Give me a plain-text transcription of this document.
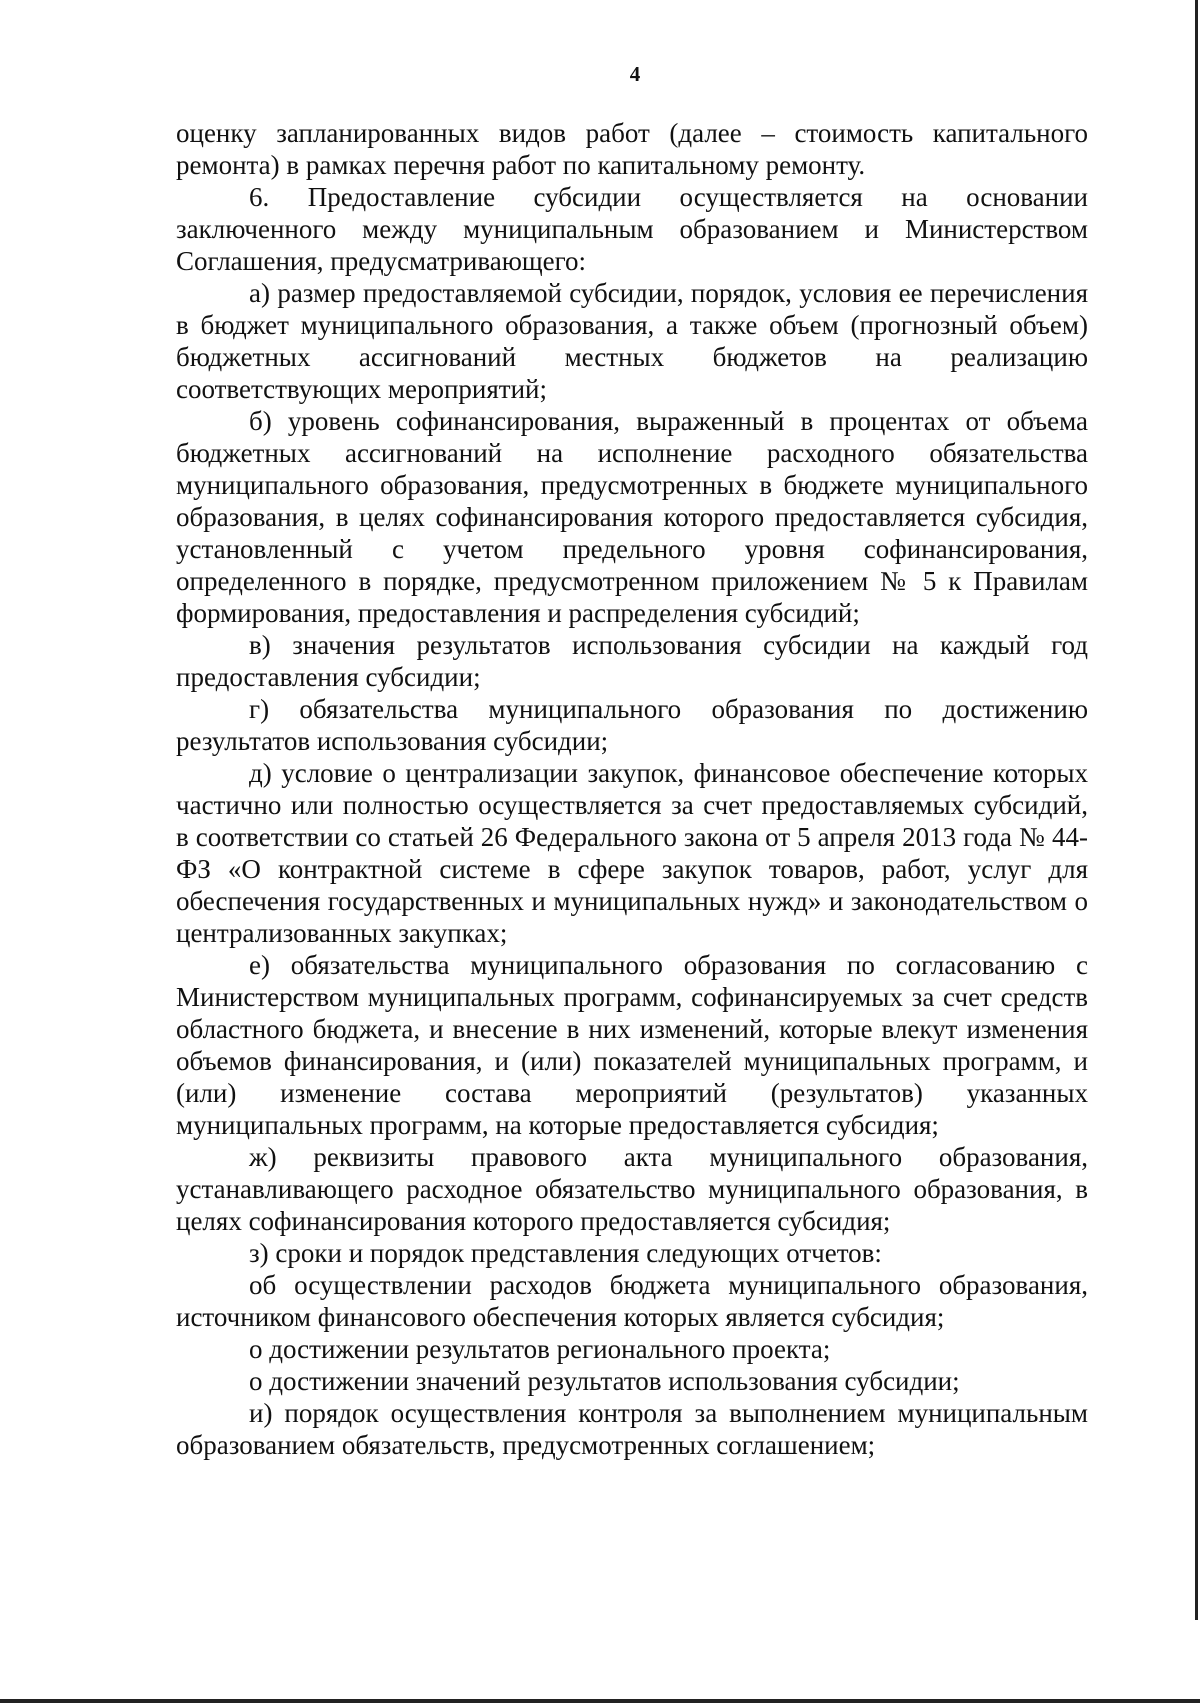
4

оценку запланированных видов работ (далее – стоимость капитального ремонта) в рамках перечня работ по капитальному ремонту.

6. Предоставление субсидии осуществляется на основании заключенного между муниципальным образованием и Министерством Соглашения, предусматривающего:

а) размер предоставляемой субсидии, порядок, условия ее перечисления в бюджет муниципального образования, а также объем (прогнозный объем) бюджетных ассигнований местных бюджетов на реализацию соответствующих мероприятий;

б) уровень софинансирования, выраженный в процентах от объема бюджетных ассигнований на исполнение расходного обязательства муниципального образования, предусмотренных в бюджете муниципального образования, в целях софинансирования которого предоставляется субсидия, установленный с учетом предельного уровня софинансирования, определенного в порядке, предусмотренном приложением № 5 к Правилам формирования, предоставления и распределения субсидий;

в) значения результатов использования субсидии на каждый год предоставления субсидии;

г) обязательства муниципального образования по достижению результатов использования субсидии;

д) условие о централизации закупок, финансовое обеспечение которых частично или полностью осуществляется за счет предоставляемых субсидий, в соответствии со статьей 26 Федерального закона от 5 апреля 2013 года № 44-ФЗ «О контрактной системе в сфере закупок товаров, работ, услуг для обеспечения государственных и муниципальных нужд» и законодательством о централизованных закупках;

е) обязательства муниципального образования по согласованию с Министерством муниципальных программ, софинансируемых за счет средств областного бюджета, и внесение в них изменений, которые влекут изменения объемов финансирования, и (или) показателей муниципальных программ, и (или) изменение состава мероприятий (результатов) указанных муниципальных программ, на которые предоставляется субсидия;

ж) реквизиты правового акта муниципального образования, устанавливающего расходное обязательство муниципального образования, в целях софинансирования которого предоставляется субсидия;

з) сроки и порядок представления следующих отчетов:

об осуществлении расходов бюджета муниципального образования, источником финансового обеспечения которых является субсидия;

о достижении результатов регионального проекта;

о достижении значений результатов использования субсидии;

и) порядок осуществления контроля за выполнением муниципальным образованием обязательств, предусмотренных соглашением;
